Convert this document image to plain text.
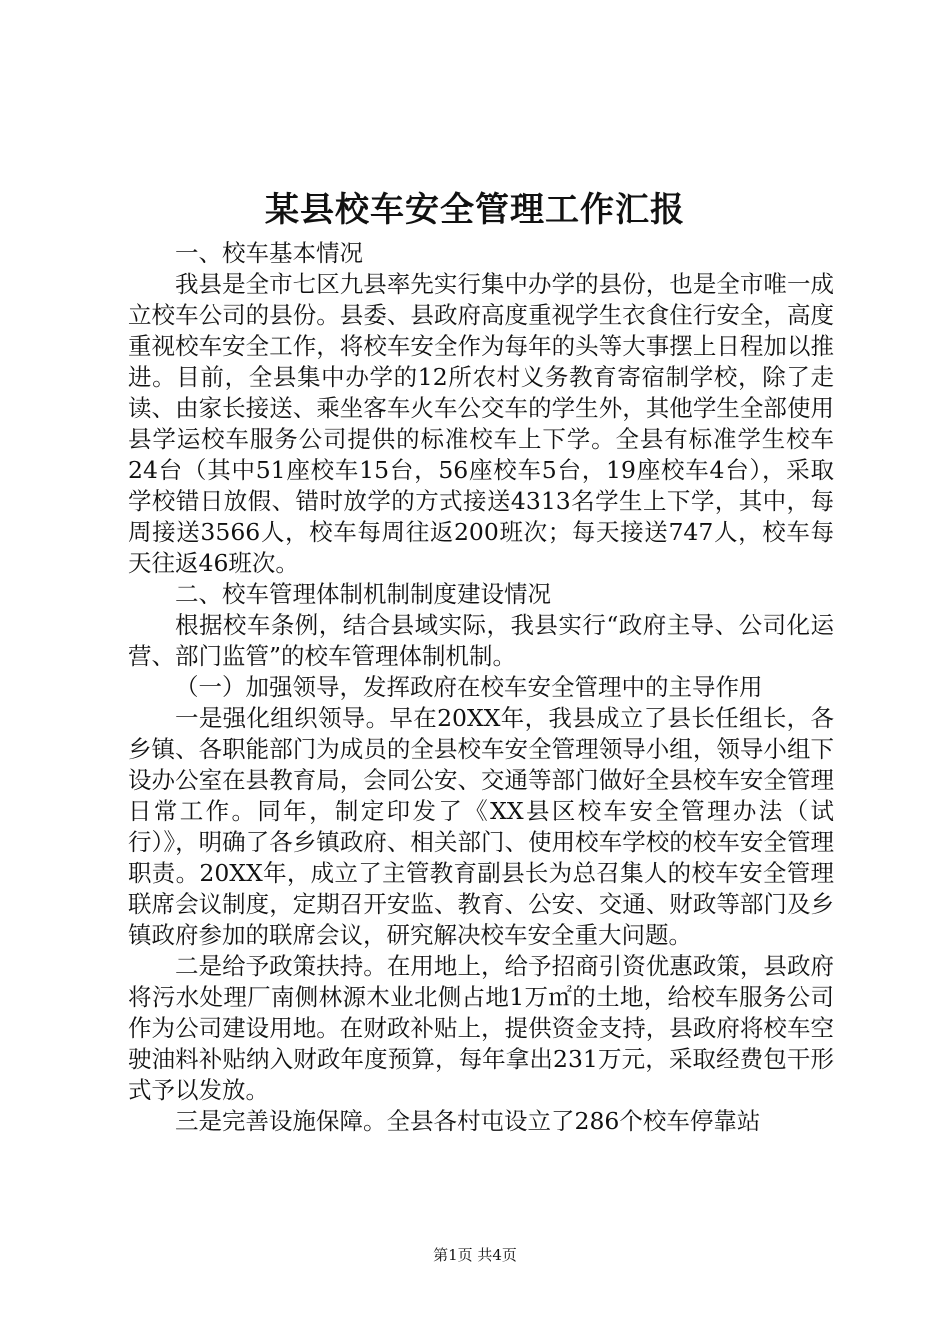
某县校车安全管理工作汇报

一、校车基本情况

我县是全市七区九县率先实行集中办学的县份，也是全市唯一成立校车公司的县份。县委、县政府高度重视学生衣食住行安全，高度重视校车安全工作，将校车安全作为每年的头等大事摆上日程加以推进。目前，全县集中办学的12所农村义务教育寄宿制学校，除了走读、由家长接送、乘坐客车火车公交车的学生外，其他学生全部使用县学运校车服务公司提供的标准校车上下学。全县有标准学生校车24台（其中51座校车15台，56座校车5台，19座校车4台），采取学校错日放假、错时放学的方式接送4313名学生上下学，其中，每周接送3566人，校车每周往返200班次；每天接送747人，校车每天往返46班次。

二、校车管理体制机制制度建设情况

根据校车条例，结合县域实际，我县实行“政府主导、公司化运营、部门监管”的校车管理体制机制。

（一）加强领导，发挥政府在校车安全管理中的主导作用

一是强化组织领导。早在20XX年，我县成立了县长任组长，各乡镇、各职能部门为成员的全县校车安全管理领导小组，领导小组下设办公室在县教育局，会同公安、交通等部门做好全县校车安全管理日常工作。同年，制定印发了《XX县区校车安全管理办法（试行）》，明确了各乡镇政府、相关部门、使用校车学校的校车安全管理职责。20XX年，成立了主管教育副县长为总召集人的校车安全管理联席会议制度，定期召开安监、教育、公安、交通、财政等部门及乡镇政府参加的联席会议，研究解决校车安全重大问题。

二是给予政策扶持。在用地上，给予招商引资优惠政策，县政府将污水处理厂南侧林源木业北侧占地1万㎡的土地，给校车服务公司作为公司建设用地。在财政补贴上，提供资金支持，县政府将校车空驶油料补贴纳入财政年度预算，每年拿出231万元，采取经费包干形式予以发放。

三是完善设施保障。全县各村屯设立了286个校车停靠站

第1页 共4页
